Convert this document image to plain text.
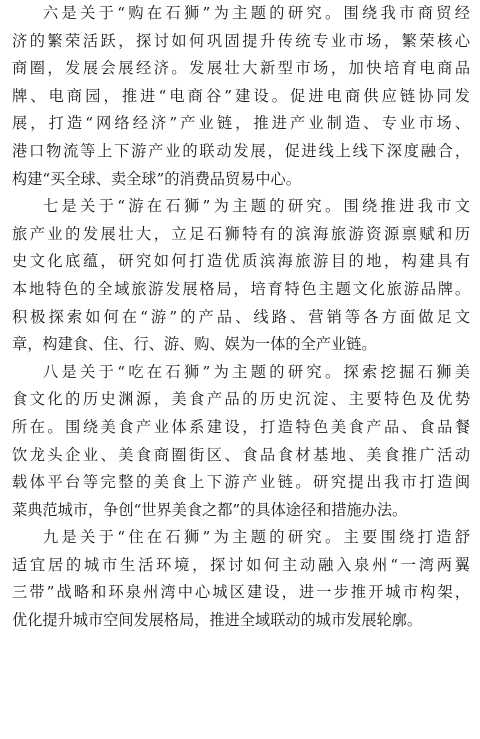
六是关于“购在石狮”为主题的研究。围绕我市商贸经
济的繁荣活跃，探讨如何巩固提升传统专业市场，繁荣核心
商圈，发展会展经济。发展壮大新型市场，加快培育电商品
牌、电商园，推进“电商谷”建设。促进电商供应链协同发
展，打造“网络经济”产业链，推进产业制造、专业市场、
港口物流等上下游产业的联动发展，促进线上线下深度融合，
构建“买全球、卖全球”的消费品贸易中心。
七是关于“游在石狮”为主题的研究。围绕推进我市文
旅产业的发展壮大，立足石狮特有的滨海旅游资源禀赋和历
史文化底蕴，研究如何打造优质滨海旅游目的地，构建具有
本地特色的全域旅游发展格局，培育特色主题文化旅游品牌。
积极探索如何在“游”的产品、线路、营销等各方面做足文
章，构建食、住、行、游、购、娱为一体的全产业链。
八是关于“吃在石狮”为主题的研究。探索挖掘石狮美
食文化的历史渊源，美食产品的历史沉淀、主要特色及优势
所在。围绕美食产业体系建设，打造特色美食产品、食品餐
饮龙头企业、美食商圈街区、食品食材基地、美食推广活动
载体平台等完整的美食上下游产业链。研究提出我市打造闽
菜典范城市，争创“世界美食之都”的具体途径和措施办法。
九是关于“住在石狮”为主题的研究。主要围绕打造舒
适宜居的城市生活环境，探讨如何主动融入泉州“一湾两翼
三带”战略和环泉州湾中心城区建设，进一步推开城市构架，
优化提升城市空间发展格局，推进全域联动的城市发展轮廓。
